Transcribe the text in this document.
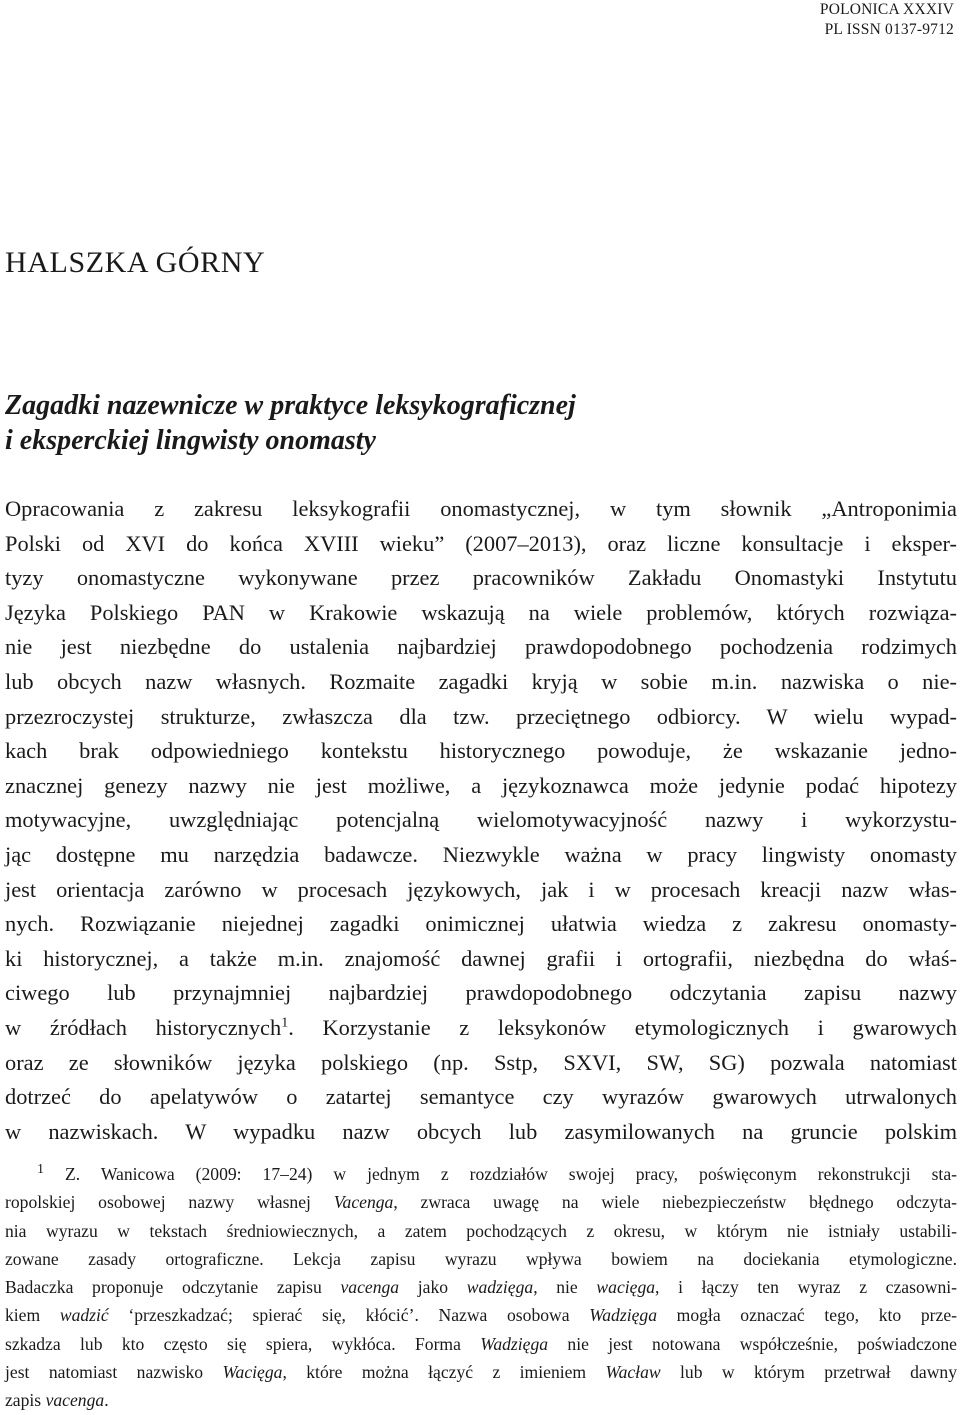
POLONICA XXXIV
PL ISSN 0137-9712
HALSZKA GÓRNY
Zagadki nazewnicze w praktyce leksykograficznej
i eksperckiej lingwisty onomasty
Opracowania z zakresu leksykografii onomastycznej, w tym słownik „Antroponimia
Polski od XVI do końca XVIII wieku” (2007–2013), oraz liczne konsultacje i eksper-
tyzy onomastyczne wykonywane przez pracowników Zakładu Onomastyki Instytutu
Języka Polskiego PAN w Krakowie wskazują na wiele problemów, których rozwiąza-
nie jest niezbędne do ustalenia najbardziej prawdopodobnego pochodzenia rodzimych
lub obcych nazw własnych. Rozmaite zagadki kryją w sobie m.in. nazwiska o nie-
przezroczystej strukturze, zwłaszcza dla tzw. przeciętnego odbiorcy. W wielu wypad-
kach brak odpowiedniego kontekstu historycznego powoduje, że wskazanie jedno-
znacznej genezy nazwy nie jest możliwe, a językoznawca może jedynie podać hipotezy
motywacyjne, uwzględniając potencjalną wielomotywacyjność nazwy i wykorzystu-
jąc dostępne mu narzędzia badawcze. Niezwykle ważna w pracy lingwisty onomasty
jest orientacja zarówno w procesach językowych, jak i w procesach kreacji nazw włas-
nych. Rozwiązanie niejednej zagadki onimicznej ułatwia wiedza z zakresu onomasty-
ki historycznej, a także m.in. znajomość dawnej grafii i ortografii, niezbędna do właś-
ciwego lub przynajmniej najbardziej prawdopodobnego odczytania zapisu nazwy
w źródłach historycznych$^1$. Korzystanie z leksykonów etymologicznych i gwarowych
oraz ze słowników języka polskiego (np. Sstp, SXVI, SW, SG) pozwala natomiast
dotrzeć do apelatywów o zatartej semantyce czy wyrazów gwarowych utrwalonych
w nazwiskach. W wypadku nazw obcych lub zasymilowanych na gruncie polskim
$^1$ Z. Wanicowa (2009: 17–24) w jednym z rozdziałów swojej pracy, poświęconym rekonstrukcji sta-
ropolskiej osobowej nazwy własnej Vacenga, zwraca uwagę na wiele niebezpieczeństw błędnego odczyta-
nia wyrazu w tekstach średniowiecznych, a zatem pochodzących z okresu, w którym nie istniały ustabili-
zowane zasady ortograficzne. Lekcja zapisu wyrazu wpływa bowiem na dociekania etymologiczne.
Badaczka proponuje odczytanie zapisu vacenga jako wadzięga, nie wacięga, i łączy ten wyraz z czasowni-
kiem wadzić ‘przeszkadzać; spierać się, kłócić’. Nazwa osobowa Wadzięga mogła oznaczać tego, kto prze-
szkadza lub kto często się spiera, wykłóca. Forma Wadzięga nie jest notowana współcześnie, poświadczone
jest natomiast nazwisko Wacięga, które można łączyć z imieniem Wacław lub w którym przetrwał dawny
zapis vacenga.
